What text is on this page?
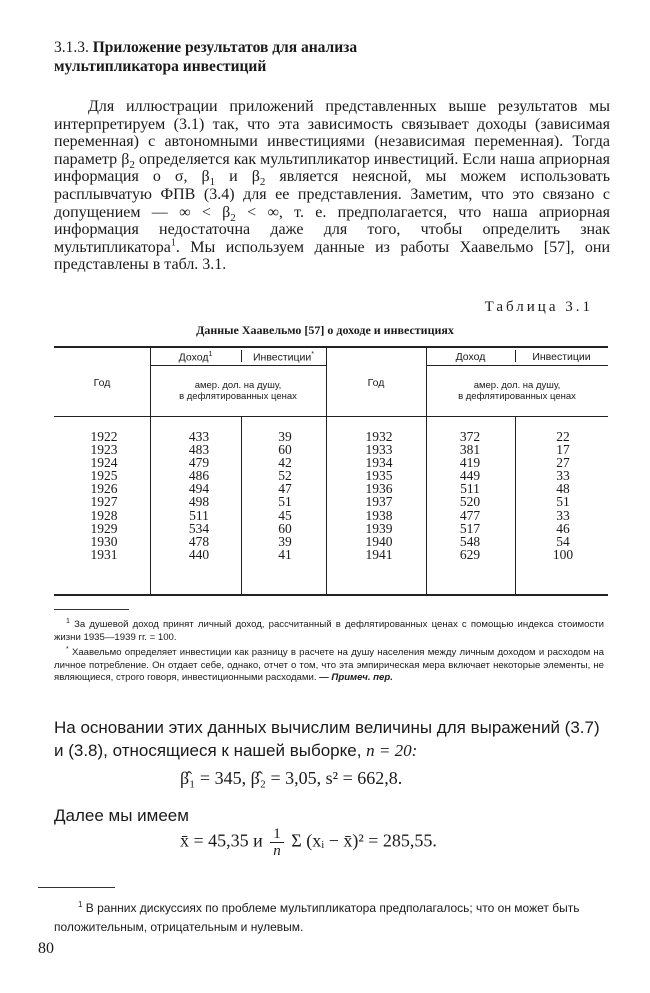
3.1.3. Приложение результатов для анализа
мультипликатора инвестиций

Для иллюстрации приложений представленных выше результатов мы интерпретируем (3.1) так, что эта зависимость связывает доходы (зависимая переменная) с автономными инвестициями (независимая переменная). Тогда параметр $\beta_2$ определяется как мультипликатор инвестиций. Если наша априорная информация о σ, $\beta_1$ и $\beta_2$ является неясной, мы можем использовать расплывчатую ФПВ (3.4) для ее представления. Заметим, что это связано с допущением — ∞ < $\beta_2$ < ∞, т. е. предполагается, что наша априорная информация недостаточна даже для того, чтобы определить знак мультипликатора$^1$. Мы используем данные из работы Хаавельмо [57], они представлены в табл. 3.1.

Таблица 3.1
Данные Хаавельмо [57] о доходе и инвестициях
Год
Доход$^1$	Инвестиции*
амер. дол. на душу,
в дефлятированных ценах
Год
Доход	Инвестиции
амер. дол. на душу,
в дефлятированных ценах
1922
1923
1924
1925
1926
1927
1928
1929
1930
1931
433
483
479
486
494
498
511
534
478
440
39
60
42
52
47
51
45
60
39
41
1932
1933
1934
1935
1936
1937
1938
1939
1940
1941
372
381
419
449
511
520
477
517
548
629
22
17
27
33
48
51
33
46
54
100

$^1$ За душевой доход принят личный доход, рассчитанный в дефлятированных ценах с помощью индекса стоимости жизни 1935—1939 гг. = 100.

* Хаавельмо определяет инвестиции как разницу в расчете на душу населения между личным доходом и расходом на личное потребление. Он отдает себе, однако, отчет о том, что эта эмпирическая мера включает некоторые элементы, не являющиеся, строго говоря, инвестиционными расходами. — Примеч. пер.

На основании этих данных вычислим величины для выражений (3.7) и (3.8), относящиеся к нашей выборке, n = 20:

β̂₁ = 345, β̂₂ = 3,05, s² = 662,8.

Далее мы имеем

x̄ = 45,35 и $\frac{1}{n}$ Σ (xᵢ − x̄)² = 285,55.

$^1$ В ранних дискуссиях по проблеме мультипликатора предполагалось; что он может быть положительным, отрицательным и нулевым.

80
